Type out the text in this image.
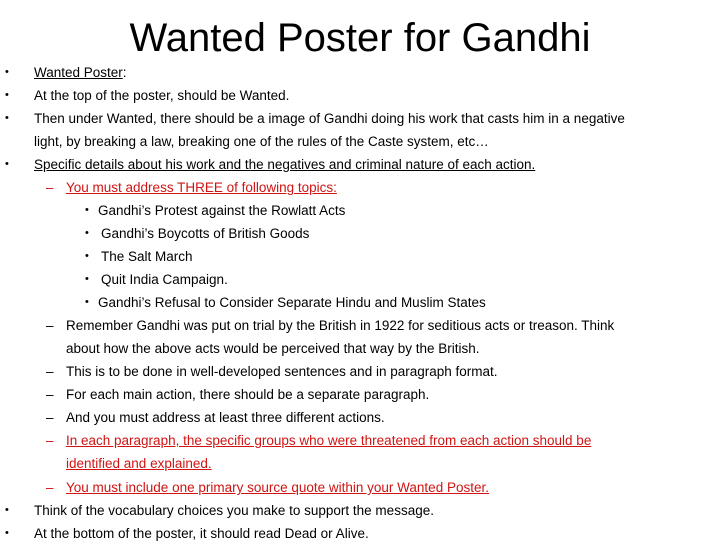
Wanted Poster for Gandhi
•
•
•
•
•
•
Wanted Poster:
At the top of the poster, should be Wanted.
Then under Wanted, there should be a image of Gandhi doing his work that casts him in a negative
light, by breaking a law, breaking one of the rules of the Caste system, etc…
Specific details about his work and the negatives and criminal nature of each action.
– You must address THREE of following topics:
• Gandhi’s Protest against the Rowlatt Acts
• Gandhi’s Boycotts of British Goods
• The Salt March
• Quit India Campaign.
• Gandhi’s Refusal to Consider Separate Hindu and Muslim States
– Remember Gandhi was put on trial by the British in 1922 for seditious acts or treason. Think
about how the above acts would be perceived that way by the British.
– This is to be done in well-developed sentences and in paragraph format.
– For each main action, there should be a separate paragraph.
– And you must address at least three different actions.
– In each paragraph, the specific groups who were threatened from each action should be
identified and explained.
– You must include one primary source quote within your Wanted Poster.
Think of the vocabulary choices you make to support the message.
At the bottom of the poster, it should read Dead or Alive.
